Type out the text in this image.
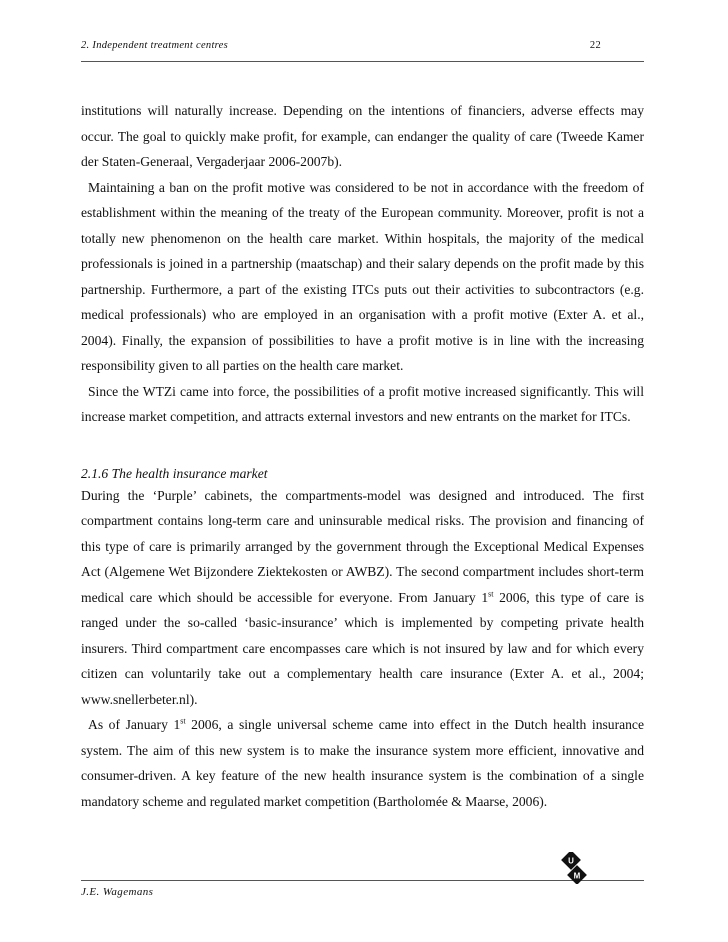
2. Independent treatment centres	22

institutions will naturally increase. Depending on the intentions of financiers, adverse effects may occur. The goal to quickly make profit, for example, can endanger the quality of care (Tweede Kamer der Staten-Generaal, Vergaderjaar 2006-2007b).

Maintaining a ban on the profit motive was considered to be not in accordance with the freedom of establishment within the meaning of the treaty of the European community. Moreover, profit is not a totally new phenomenon on the health care market. Within hospitals, the majority of the medical professionals is joined in a partnership (maatschap) and their salary depends on the profit made by this partnership. Furthermore, a part of the existing ITCs puts out their activities to subcontractors (e.g. medical professionals) who are employed in an organisation with a profit motive (Exter A. et al., 2004). Finally, the expansion of possibilities to have a profit motive is in line with the increasing responsibility given to all parties on the health care market.

Since the WTZi came into force, the possibilities of a profit motive increased significantly. This will increase market competition, and attracts external investors and new entrants on the market for ITCs.

2.1.6 The health insurance market

During the ‘Purple’ cabinets, the compartments-model was designed and introduced. The first compartment contains long-term care and uninsurable medical risks. The provision and financing of this type of care is primarily arranged by the government through the Exceptional Medical Expenses Act (Algemene Wet Bijzondere Ziektekosten or AWBZ). The second compartment includes short-term medical care which should be accessible for everyone. From January 1st 2006, this type of care is ranged under the so-called ‘basic-insurance’ which is implemented by competing private health insurers. Third compartment care encompasses care which is not insured by law and for which every citizen can voluntarily take out a complementary health care insurance (Exter A. et al., 2004; www.snellerbeter.nl).

As of January 1st 2006, a single universal scheme came into effect in the Dutch health insurance system. The aim of this new system is to make the insurance system more efficient, innovative and consumer-driven. A key feature of the new health insurance system is the combination of a single mandatory scheme and regulated market competition (Bartholomée & Maarse, 2006).

J.E. Wagemans
U
M
